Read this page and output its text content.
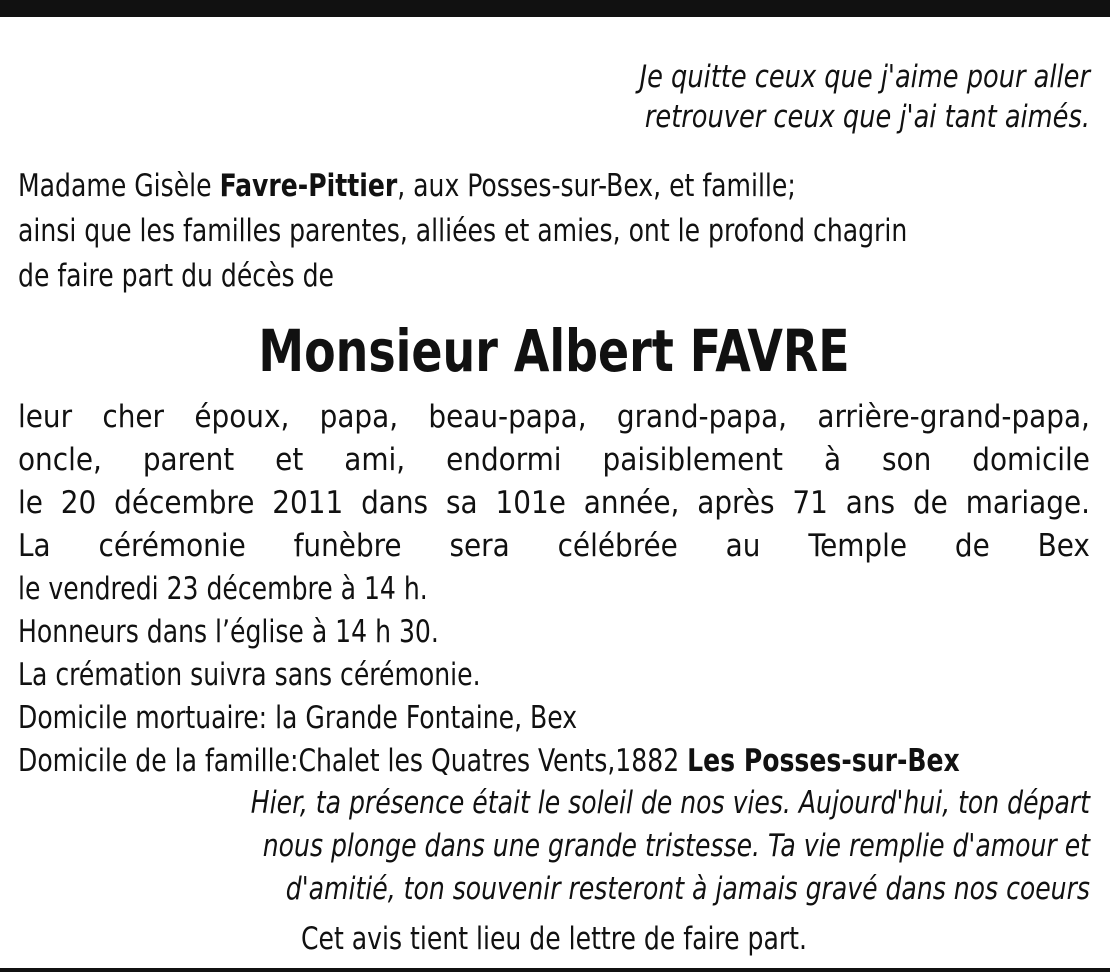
Je quitte ceux que j'aime pour aller
retrouver ceux que j'ai tant aimés.
Madame Gisèle Favre-Pittier, aux Posses-sur-Bex, et famille;
ainsi que les familles parentes, alliées et amies, ont le profond chagrin
de faire part du décès de
Monsieur Albert FAVRE
leur cher époux, papa, beau-papa, grand-papa, arrière-grand-papa,
oncle, parent et ami, endormi paisiblement à son domicile
le 20 décembre 2011 dans sa 101e année, après 71 ans de mariage.
La cérémonie funèbre sera célébrée au Temple de Bex
le vendredi 23 décembre à 14 h.
Honneurs dans l’église à 14 h 30.
La crémation suivra sans cérémonie.
Domicile mortuaire: la Grande Fontaine, Bex
Domicile de la famille:Chalet les Quatres Vents,1882 Les Posses-sur-Bex
Hier, ta présence était le soleil de nos vies. Aujourd'hui, ton départ
nous plonge dans une grande tristesse. Ta vie remplie d'amour et
d'amitié, ton souvenir resteront à jamais gravé dans nos coeurs
Cet avis tient lieu de lettre de faire part.
